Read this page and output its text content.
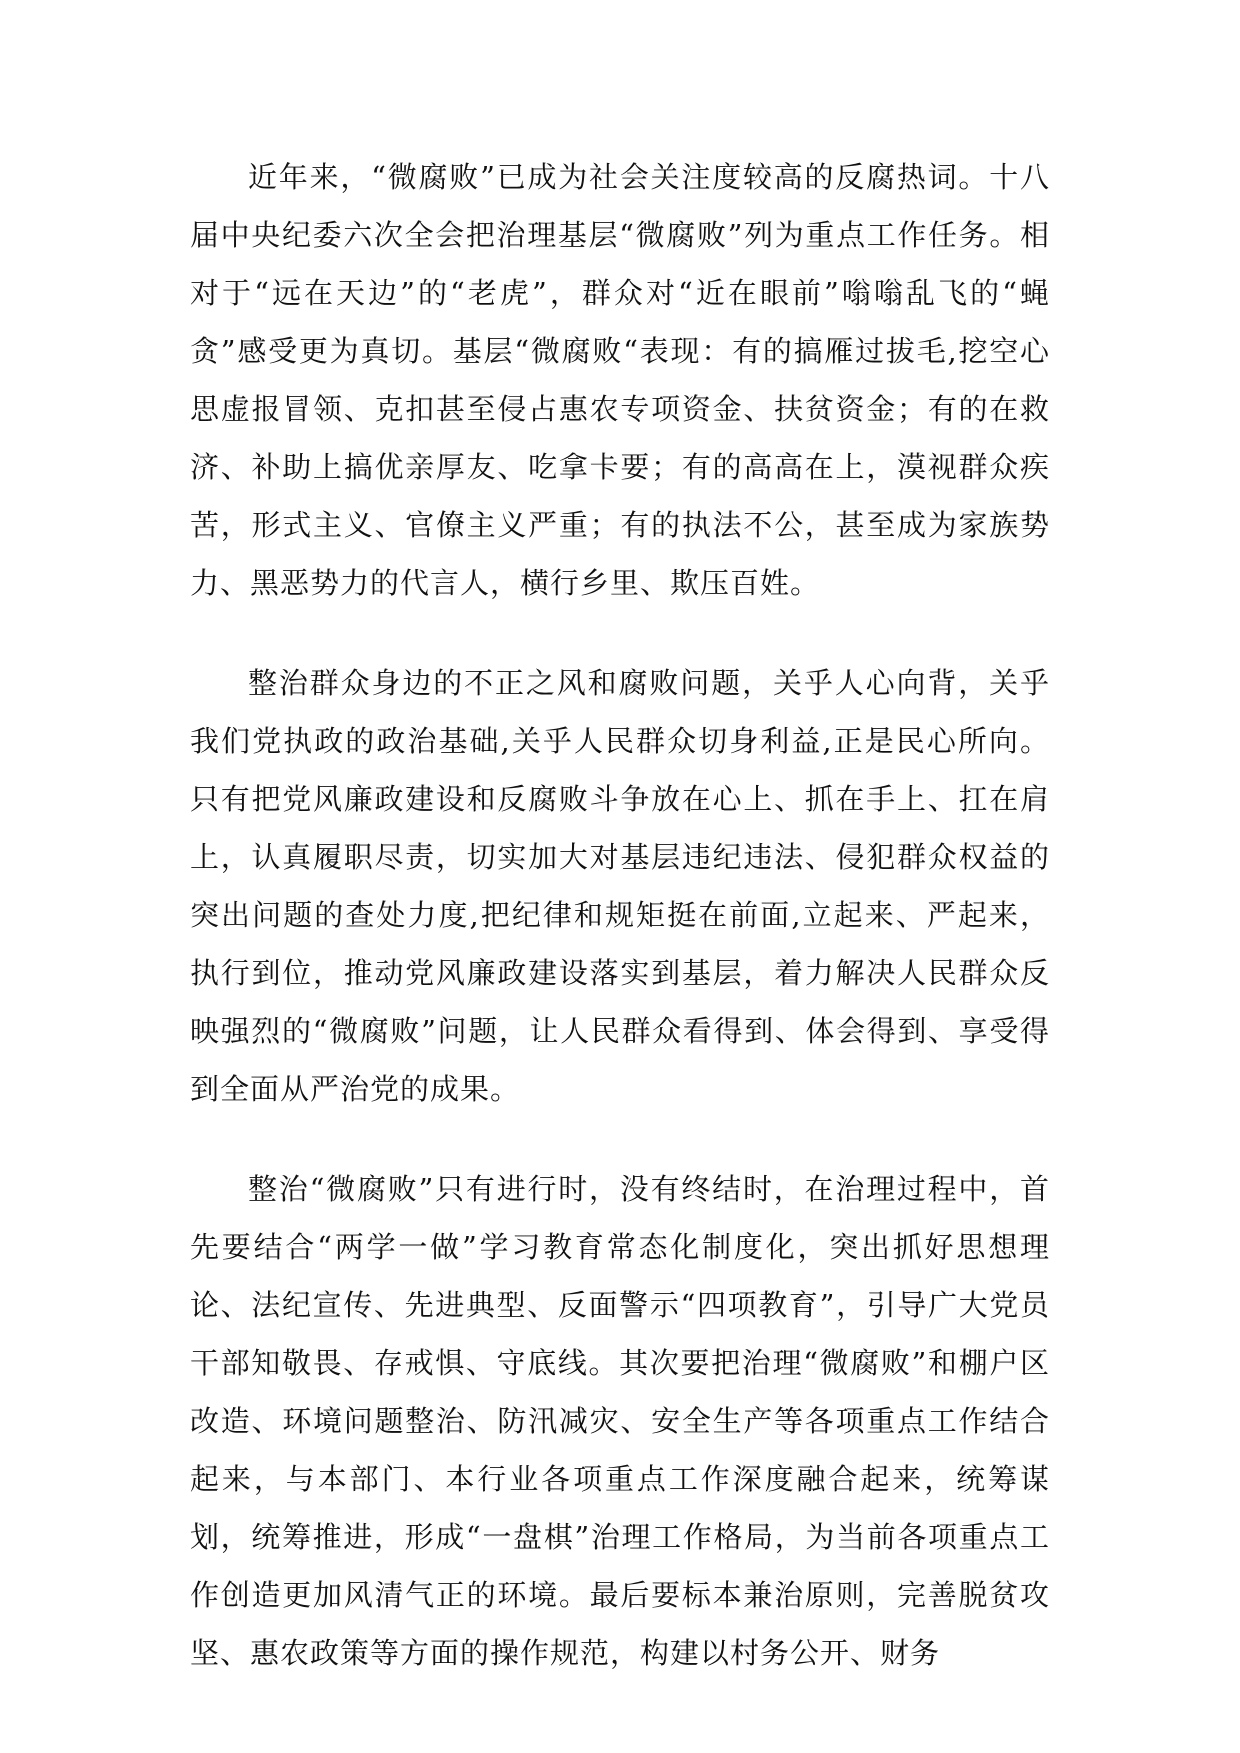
近年来，“微腐败”已成为社会关注度较高的反腐热词。十八届中央纪委六次全会把治理基层“微腐败”列为重点工作任务。相对于“远在天边”的“老虎”，群众对“近在眼前”嗡嗡乱飞的“蝇贪”感受更为真切。基层“微腐败“表现：有的搞雁过拔毛,挖空心思虚报冒领、克扣甚至侵占惠农专项资金、扶贫资金；有的在救济、补助上搞优亲厚友、吃拿卡要；有的高高在上，漠视群众疾苦，形式主义、官僚主义严重；有的执法不公，甚至成为家族势力、黑恶势力的代言人，横行乡里、欺压百姓。

整治群众身边的不正之风和腐败问题，关乎人心向背，关乎我们党执政的政治基础,关乎人民群众切身利益,正是民心所向。只有把党风廉政建设和反腐败斗争放在心上、抓在手上、扛在肩上，认真履职尽责，切实加大对基层违纪违法、侵犯群众权益的突出问题的查处力度,把纪律和规矩挺在前面,立起来、严起来，执行到位，推动党风廉政建设落实到基层，着力解决人民群众反映强烈的“微腐败”问题，让人民群众看得到、体会得到、享受得到全面从严治党的成果。

整治“微腐败”只有进行时，没有终结时，在治理过程中，首先要结合“两学一做”学习教育常态化制度化，突出抓好思想理论、法纪宣传、先进典型、反面警示“四项教育”，引导广大党员干部知敬畏、存戒惧、守底线。其次要把治理“微腐败”和棚户区改造、环境问题整治、防汛减灾、安全生产等各项重点工作结合起来，与本部门、本行业各项重点工作深度融合起来，统筹谋划，统筹推进，形成“一盘棋”治理工作格局，为当前各项重点工作创造更加风清气正的环境。最后要标本兼治原则，完善脱贫攻坚、惠农政策等方面的操作规范，构建以村务公开、财务
